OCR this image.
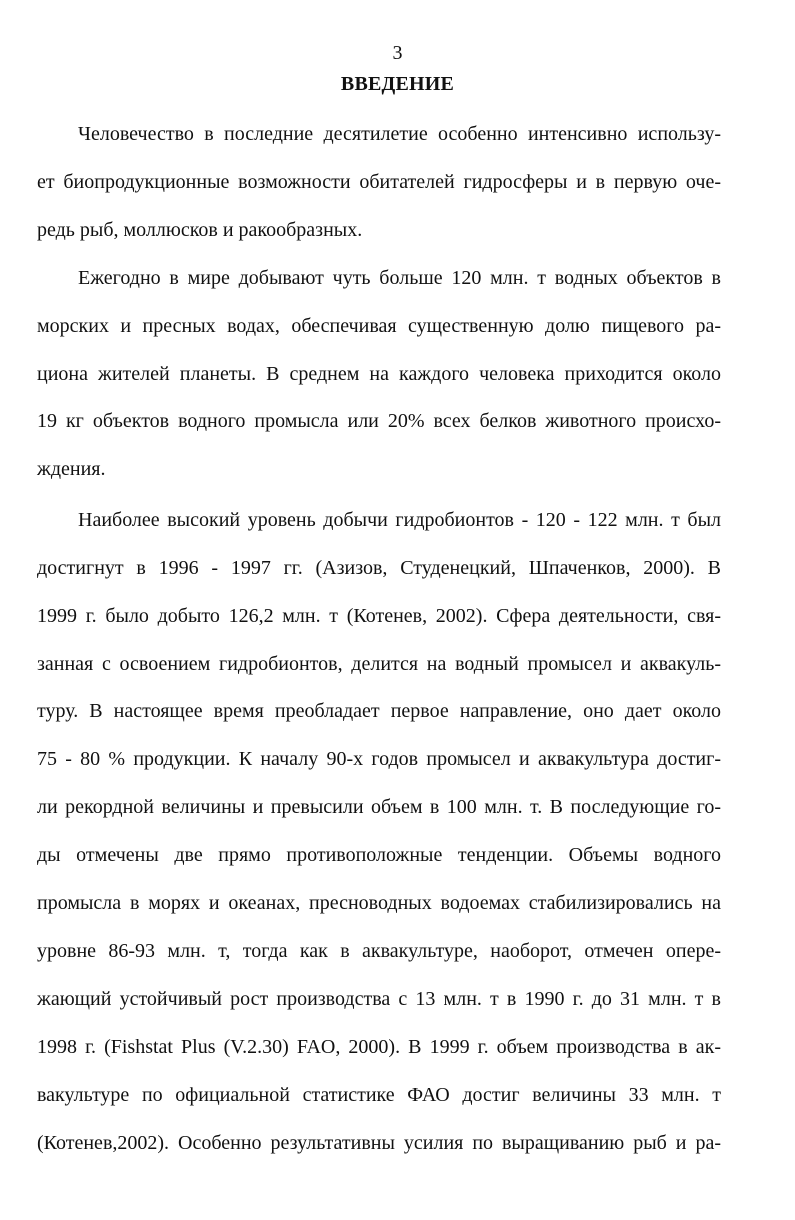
3
ВВЕДЕНИЕ
Человечество в последние десятилетие особенно интенсивно использу-
ет биопродукционные возможности обитателей гидросферы и в первую оче-
редь рыб, моллюсков и ракообразных.
Ежегодно в мире добывают чуть больше 120 млн. т водных объектов в
морских и пресных водах, обеспечивая существенную долю пищевого ра-
циона жителей планеты. В среднем на каждого человека приходится около
19 кг объектов водного промысла или 20% всех белков животного происхо-
ждения.
Наиболее высокий уровень добычи гидробионтов - 120 - 122 млн. т был
достигнут в 1996 - 1997 гг. (Азизов, Студенецкий, Шпаченков, 2000). В
1999 г. было добыто 126,2 млн. т (Котенев, 2002). Сфера деятельности, свя-
занная с освоением гидробионтов, делится на водный промысел и аквакуль-
туру. В настоящее время преобладает первое направление, оно дает около
75 - 80 % продукции. К началу 90-х годов промысел и аквакультура достиг-
ли рекордной величины и превысили объем в 100 млн. т. В последующие го-
ды отмечены две прямо противоположные тенденции. Объемы водного
промысла в морях и океанах, пресноводных водоемах стабилизировались на
уровне 86-93 млн. т, тогда как в аквакультуре, наоборот, отмечен опере-
жающий устойчивый рост производства с 13 млн. т в 1990 г. до 31 млн. т в
1998 г. (Fishstat Plus (V.2.30) FAO, 2000). В 1999 г. объем производства в ак-
вакультуре по официальной статистике ФАО достиг величины 33 млн. т
(Котенев,2002). Особенно результативны усилия по выращиванию рыб и ра-
